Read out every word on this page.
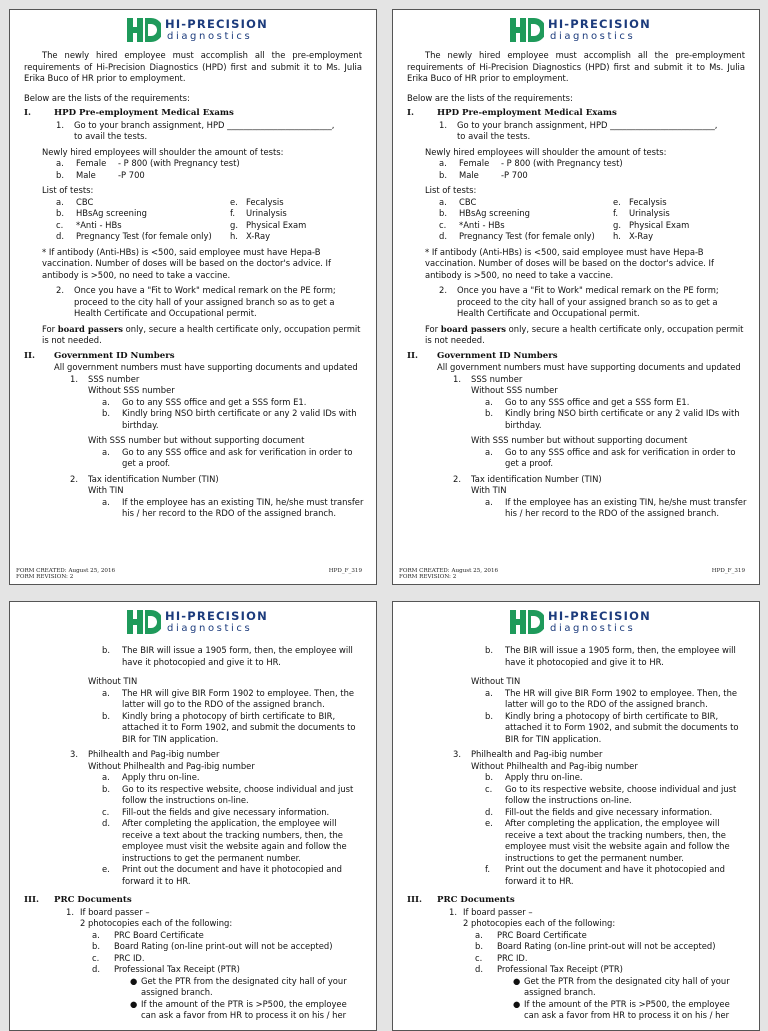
HI-PRECISION
diagnostics
The newly hired employee must accomplish all the pre-employment requirements of Hi-Precision Diagnostics (HPD) first and submit it to Ms. Julia Erika Buco of HR prior to employment.
Below are the lists of the requirements:
I.	HPD Pre-employment Medical Exams
1. Go to your branch assignment, HPD _________________________,
to avail the tests.
Newly hired employees will shoulder the amount of tests:
a. Female - P 800 (with Pregnancy test)
b. Male	-P 700
List of tests:
a. CBC	e. Fecalysis
b. HBsAg screening	f. Urinalysis
c. *Anti - HBs	g. Physical Exam
d. Pregnancy Test (for female only) h. X-Ray
* If antibody (Anti-HBs) is <500, said employee must have Hepa-B vaccination. Number of doses will be based on the doctor's advice. If antibody is >500, no need to take a vaccine.
2. Once you have a "Fit to Work" medical remark on the PE form; proceed to the city hall of your assigned branch so as to get a Health Certificate and Occupational permit.
For board passers only, secure a health certificate only, occupation permit is not needed.
II. Government ID Numbers
All government numbers must have supporting documents and updated
1. SSS number
Without SSS number
a. Go to any SSS office and get a SSS form E1.
b. Kindly bring NSO birth certificate or any 2 valid IDs with birthday.
With SSS number but without supporting document
a. Go to any SSS office and ask for verification in order to get a proof.
2. Tax identification Number (TIN)
With TIN
a. If the employee has an existing TIN, he/she must transfer his / her record to the RDO of the assigned branch.
FORM CREATED: August 25, 2016
FORM REVISION: 2
HPD_F_319
HI-PRECISION
diagnostics
The newly hired employee must accomplish all the pre-employment requirements of Hi-Precision Diagnostics (HPD) first and submit it to Ms. Julia Erika Buco of HR prior to employment.
Below are the lists of the requirements:
I.	HPD Pre-employment Medical Exams
1. Go to your branch assignment, HPD _________________________,
to avail the tests.
Newly hired employees will shoulder the amount of tests:
a. Female - P 800 (with Pregnancy test)
b. Male	-P 700
List of tests:
a. CBC	e. Fecalysis
b. HBsAg screening	f. Urinalysis
c. *Anti - HBs	g. Physical Exam
d. Pregnancy Test (for female only) h. X-Ray
* If antibody (Anti-HBs) is <500, said employee must have Hepa-B vaccination. Number of doses will be based on the doctor's advice. If antibody is >500, no need to take a vaccine.
2. Once you have a "Fit to Work" medical remark on the PE form; proceed to the city hall of your assigned branch so as to get a Health Certificate and Occupational permit.
For board passers only, secure a health certificate only, occupation permit is not needed.
II. Government ID Numbers
All government numbers must have supporting documents and updated
1. SSS number
Without SSS number
a. Go to any SSS office and get a SSS form E1.
b. Kindly bring NSO birth certificate or any 2 valid IDs with birthday.
With SSS number but without supporting document
a. Go to any SSS office and ask for verification in order to get a proof.
2. Tax identification Number (TIN)
With TIN
a. If the employee has an existing TIN, he/she must transfer his / her record to the RDO of the assigned branch.
FORM CREATED: August 25, 2016
FORM REVISION: 2
HPD_F_319
HI-PRECISION
diagnostics
b. The BIR will issue a 1905 form, then, the employee will have it photocopied and give it to HR.
Without TIN
a. The HR will give BIR Form 1902 to employee. Then, the latter will go to the RDO of the assigned branch.
b. Kindly bring a photocopy of birth certificate to BIR, attached it to Form 1902, and submit the documents to BIR for TIN application.
3. Philhealth and Pag-ibig number
Without Philhealth and Pag-ibig number
a. Apply thru on-line.
b. Go to its respective website, choose individual and just follow the instructions on-line.
c. Fill-out the fields and give necessary information.
d. After completing the application, the employee will receive a text about the tracking numbers, then, the employee must visit the website again and follow the instructions to get the permanent number.
e. Print out the document and have it photocopied and forward it to HR.
III. PRC Documents
1. If board passer –
2 photocopies each of the following:
a. PRC Board Certificate
b. Board Rating (on-line print-out will not be accepted)
c. PRC ID.
d. Professional Tax Receipt (PTR)
● Get the PTR from the designated city hall of your assigned branch.
● If the amount of the PTR is >P500, the employee can ask a favor from HR to process it on his / her
HI-PRECISION
diagnostics
b. The BIR will issue a 1905 form, then, the employee will have it photocopied and give it to HR.
Without TIN
a. The HR will give BIR Form 1902 to employee. Then, the latter will go to the RDO of the assigned branch.
b. Kindly bring a photocopy of birth certificate to BIR, attached it to Form 1902, and submit the documents to BIR for TIN application.
3. Philhealth and Pag-ibig number
Without Philhealth and Pag-ibig number
b. Apply thru on-line.
c. Go to its respective website, choose individual and just follow the instructions on-line.
d. Fill-out the fields and give necessary information.
e. After completing the application, the employee will receive a text about the tracking numbers, then, the employee must visit the website again and follow the instructions to get the permanent number.
f. Print out the document and have it photocopied and forward it to HR.
III. PRC Documents
1. If board passer –
2 photocopies each of the following:
a. PRC Board Certificate
b. Board Rating (on-line print-out will not be accepted)
c. PRC ID.
d. Professional Tax Receipt (PTR)
● Get the PTR from the designated city hall of your assigned branch.
● If the amount of the PTR is >P500, the employee can ask a favor from HR to process it on his / her
